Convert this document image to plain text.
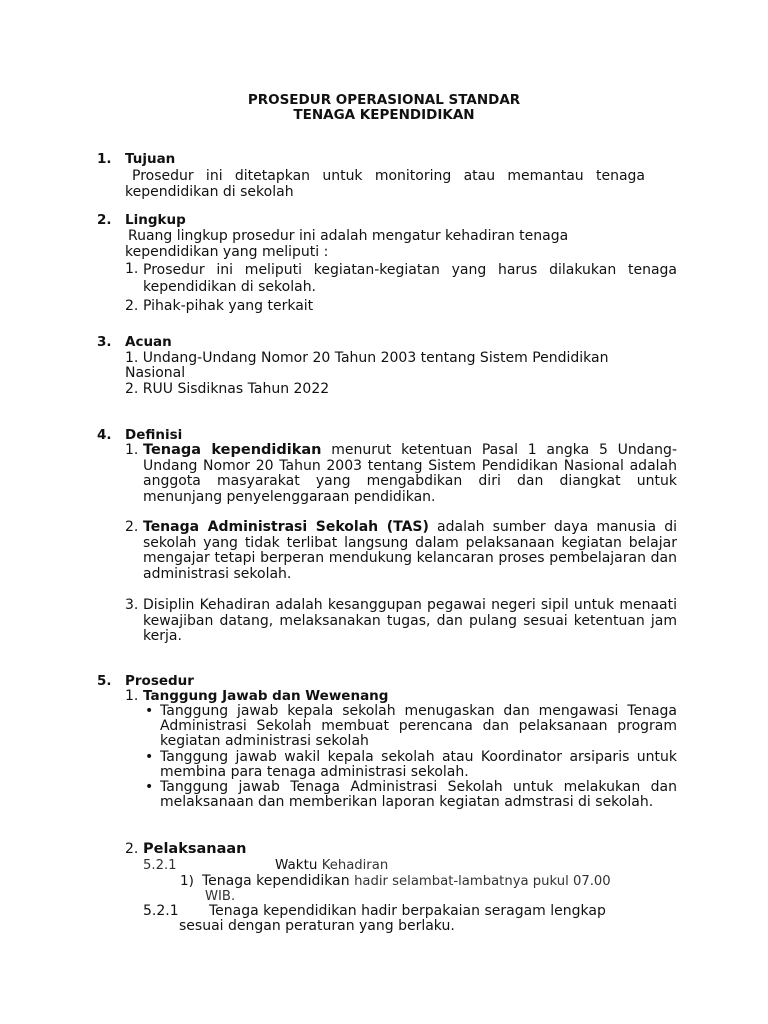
PROSEDUR OPERASIONAL STANDAR
TENAGA KEPENDIDIKAN
1. Tujuan
Prosedur ini ditetapkan untuk monitoring atau memantau tenaga kependidikan di sekolah
2. Lingkup
Ruang lingkup prosedur ini adalah mengatur kehadiran tenaga kependidikan yang meliputi :
1. Prosedur ini meliputi kegiatan-kegiatan yang harus dilakukan tenaga kependidikan di sekolah.
2. Pihak-pihak yang terkait
3. Acuan
1. Undang-Undang Nomor 20 Tahun 2003 tentang Sistem Pendidikan Nasional
2. RUU Sisdiknas Tahun 2022
4. Definisi
1. Tenaga kependidikan menurut ketentuan Pasal 1 angka 5 Undang-Undang Nomor 20 Tahun 2003 tentang Sistem Pendidikan Nasional adalah anggota masyarakat yang mengabdikan diri dan diangkat untuk menunjang penyelenggaraan pendidikan.
2. Tenaga Administrasi Sekolah (TAS) adalah sumber daya manusia di sekolah yang tidak terlibat langsung dalam pelaksanaan kegiatan belajar mengajar tetapi berperan mendukung kelancaran proses pembelajaran dan administrasi sekolah.
3. Disiplin Kehadiran adalah kesanggupan pegawai negeri sipil untuk menaati kewajiban datang, melaksanakan tugas, dan pulang sesuai ketentuan jam kerja.
5. Prosedur
1. Tanggung Jawab dan Wewenang
• Tanggung jawab kepala sekolah menugaskan dan mengawasi Tenaga Administrasi Sekolah membuat perencana dan pelaksanaan program kegiatan administrasi sekolah
• Tanggung jawab wakil kepala sekolah atau Koordinator arsiparis untuk membina para tenaga administrasi sekolah.
• Tanggung jawab Tenaga Administrasi Sekolah untuk melakukan dan melaksanaan dan memberikan laporan kegiatan admstrasi di sekolah.
2. Pelaksanaan
5.2.1	Waktu Kehadiran
1) Tenaga kependidikan hadir selambat-lambatnya pukul 07.00
WIB.
5.2.1 Tenaga kependidikan hadir berpakaian seragam lengkap
sesuai dengan peraturan yang berlaku.
